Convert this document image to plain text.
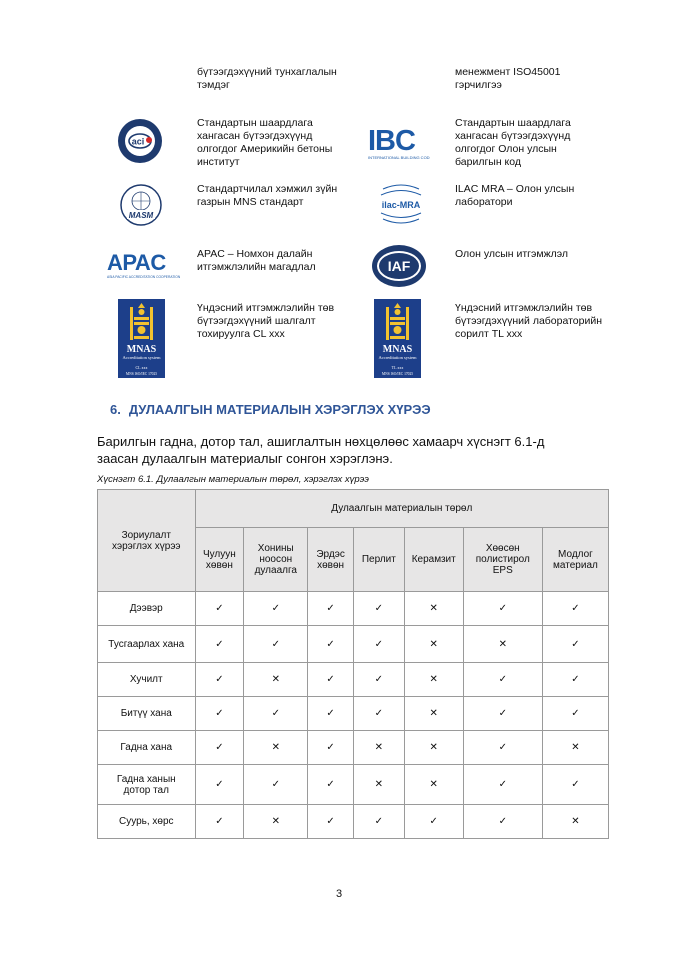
бүтээгдэхүүний тунхаглалын тэмдэг
менежмент ISO45001 гэрчилгээ
aci	IBC
INTERNATIONAL BUILDING CODE
MASM
ilac-MRA
APAC
ASIA PACIFIC ACCREDITATION COOPERATION
IAF
MNAS
Accreditation system
CL xxx
MNS ISO/IEC 17025
MNAS
Accreditation system
TL xxx
MNS ISO/IEC 17025
Стандартын шаардлага хангасан бүтээгдэхүүнд олгогдог Америкийн бетоны институт
Стандартын шаардлага хангасан бүтээгдэхүүнд олгогдог Олон улсын барилгын код
Стандартчилал хэмжил зүйн газрын MNS стандарт
ILAC MRA – Олон улсын лаборатори
APAC – Номхон далайн итгэмжлэлийн магадлал
Олон улсын итгэмжлэл
Үндэсний итгэмжлэлийн төв бүтээгдэхүүний шалгалт тохируулга CL xxx
Үндэсний итгэмжлэлийн төв бүтээгдэхүүний лабораторийн сорилт TL xxx
6. ДУЛААЛГЫН МАТЕРИАЛЫН ХЭРЭГЛЭХ ХҮРЭЭ
Барилгын гадна, дотор тал, ашиглалтын нөхцөлөөс хамаарч хүснэгт 6.1-д заасан дулаалгын материалыг сонгон хэрэглэнэ.
Хүснэгт 6.1. Дулаалгын материалын төрөл, хэрэглэх хүрээ
Зориулалт хэрэглэх хүрээ	Дулаалгын материалын төрөл						

	Чулуун хөвөн	Хонины ноосон дулаалга	Эрдэс хөвөн	Перлит	Керамзит	Хөөсөн полистирол EPS	Модлог материал

Дээвэр	✓	✓	✓	✓	✕	✓	✓

Тусгаарлах хана	✓	✓	✓	✓	✕	✕	✓

Хучилт	✓	✕	✓	✓	✕	✓	✓

Битүү хана	✓	✓	✓	✓	✕	✓	✓

Гадна хана	✓	✕	✓	✕	✕	✓	✕

Гадна ханын дотор тал	✓	✓	✓	✕	✕	✓	✓

Суурь, хөрс	✓	✕	✓	✓	✓	✓	✕
3
